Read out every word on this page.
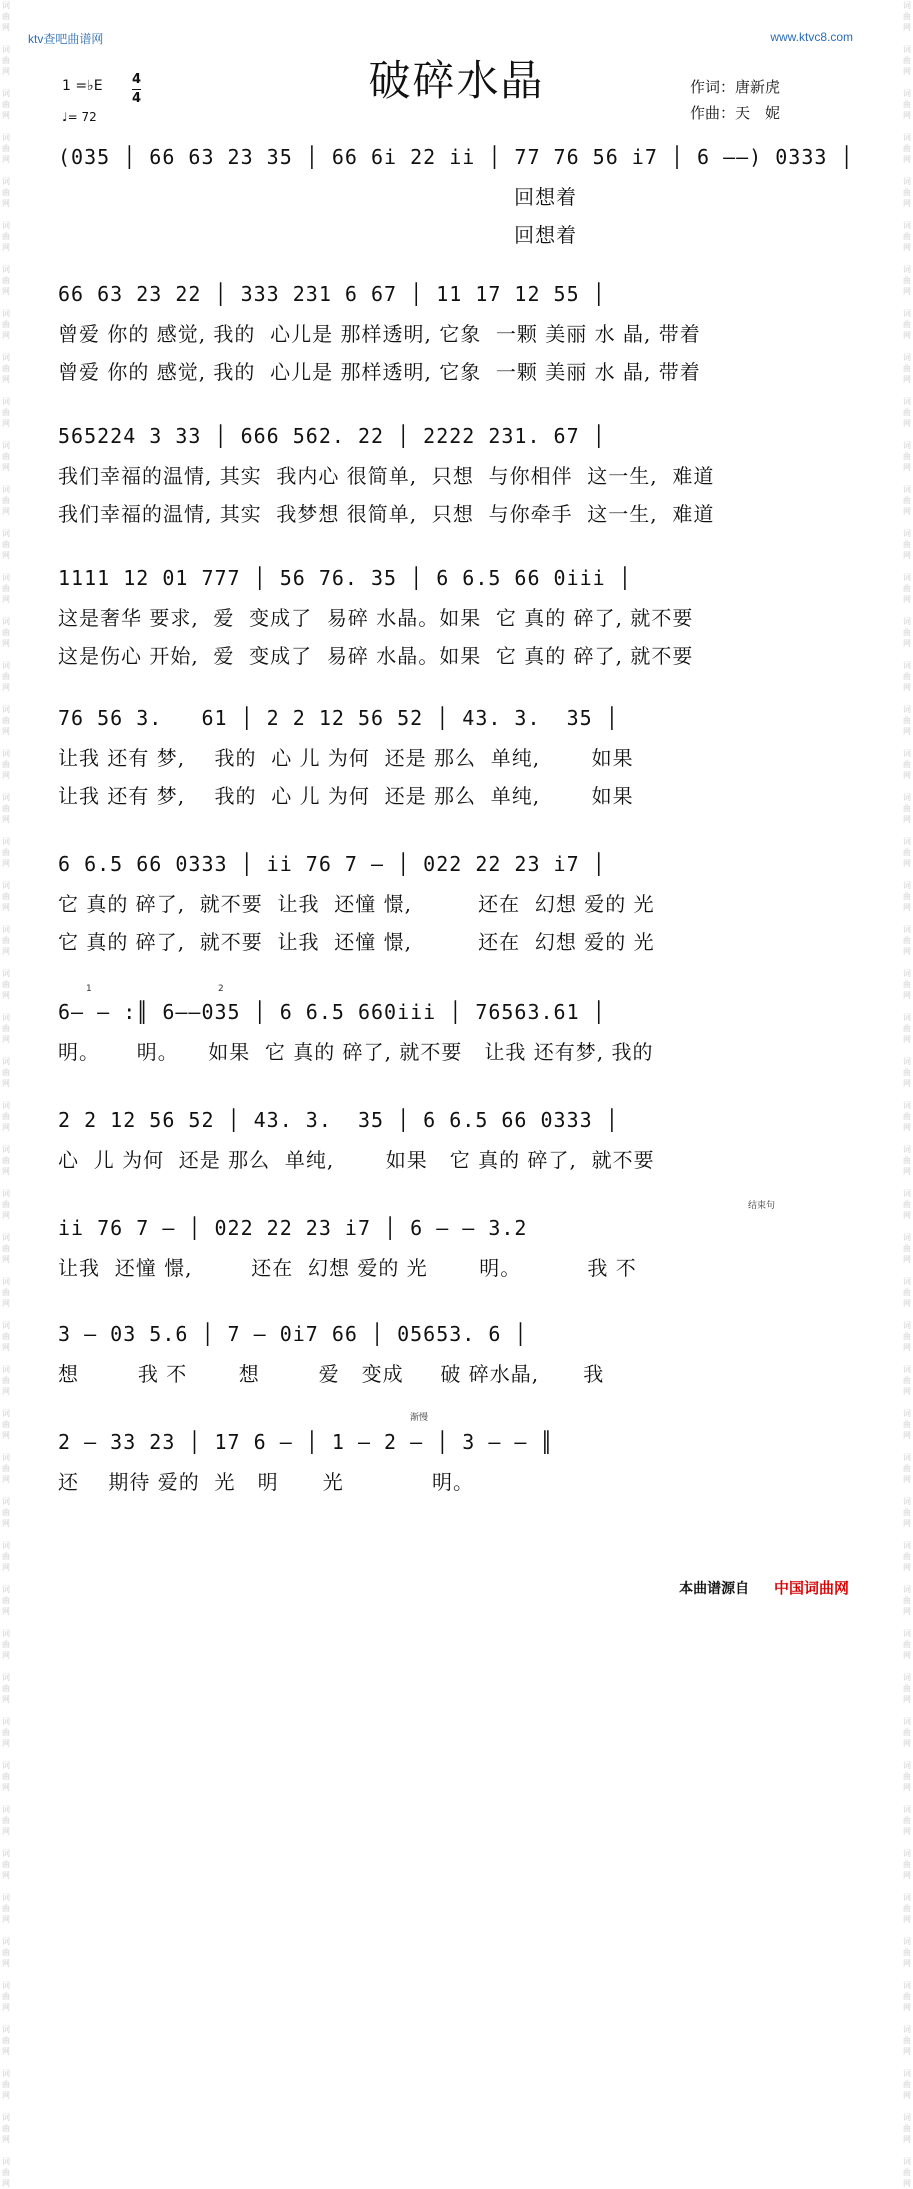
词
曲
网

词
曲
网

词
曲
网

词
曲
网

词
曲
网

词
曲
网

词
曲
网

词
曲
网

词
曲
网

词
曲
网

词
曲
网

词
曲
网

词
曲
网

词
曲
网

词
曲
网

词
曲
网

词
曲
网

词
曲
网

词
曲
网

词
曲
网

词
曲
网

词
曲
网

词
曲
网

词
曲
网

词
曲
网

词
曲
网

词
曲
网

词
曲
网

词
曲
网

词
曲
网

词
曲
网

词
曲
网

词
曲
网

词
曲
网

词
曲
网

词
曲
网

词
曲
网

词
曲
网

词
曲
网

词
曲
网

词
曲
网

词
曲
网

词
曲
网

词
曲
网

词
曲
网

词
曲
网

词
曲
网

词
曲
网

词
曲
网

词
曲
网

词
曲
网

词
曲
网

词
曲
网

词
曲
网

词
曲
网

词
曲
网

词
曲
网

词
曲
网

词
曲
网

词
曲
网

词
曲
网

词
曲
网

词
曲
网

词
曲
网

词
曲
网

词
曲
网

词
曲
网

词
曲
网

词
曲
网

词
曲
网

词
曲
网

词
曲
网

词
曲
网

词
曲
网

词
曲
网

词
曲
网

词
曲
网

词
曲
网

词
曲
网

词
曲
网

词
曲
网

词
曲
网

词
曲
网

词
曲
网

词
曲
网

词
曲
网

词
曲
网

词
曲
网

词
曲
网

词
曲
网

词
曲
网

词
曲
网

词
曲
网

词
曲
网

词
曲
网

词
曲
网

词
曲
网

词
曲
网

词
曲
网

词
曲
网

ktv查吧曲谱网	www.ktvc8.com
破碎水晶	作词：唐新虎
作曲：天　妮
1 =♭E 4
4
♩= 72
(035 │ 66 63 23 35 │ 66 6i 22 ii │ 77 76 56 i7 │ 6 ——) 0333 │
回想着
回想着
66 63 23 22 │ 333 231 6 67 │ 11 17 12 55 │
曾爱 你的 感觉, 我的  心儿是 那样透明, 它象  一颗 美丽 水 晶, 带着
曾爱 你的 感觉, 我的  心儿是 那样透明, 它象  一颗 美丽 水 晶, 带着
565224 3 33 │ 666 562. 22 │ 2222 231. 67 │
我们幸福的温情, 其实  我内心 很简单,  只想  与你相伴  这一生,  难道
我们幸福的温情, 其实  我梦想 很简单,  只想  与你牵手  这一生,  难道
1111 12 01 777 │ 56 76. 35 │ 6 6.5 66 0iii │
这是奢华 要求,  爱  变成了  易碎 水晶。如果  它 真的 碎了, 就不要
这是伤心 开始,  爱  变成了  易碎 水晶。如果  它 真的 碎了, 就不要
76 56 3.   61 │ 2 2 12 56 52 │ 43. 3.  35 │
让我 还有 梦,    我的  心 儿 为何  还是 那么  单纯,       如果
让我 还有 梦,    我的  心 儿 为何  还是 那么  单纯,       如果
6 6.5 66 0333 │ ii 76 7 — │ 022 22 23 i7 │
它 真的 碎了,  就不要  让我  还憧 憬,         还在  幻想 爱的 光
它 真的 碎了,  就不要  让我  还憧 憬,         还在  幻想 爱的 光
1	2
6— — :║ 6——035 │ 6 6.5 660iii │ 76563.61 │
明。     明。    如果  它 真的 碎了, 就不要   让我 还有梦, 我的
2 2 12 56 52 │ 43. 3.  35 │ 6 6.5 66 0333 │
心  儿 为何  还是 那么  单纯,       如果   它 真的 碎了,  就不要
结束句
ii 76 7 — │ 022 22 23 i7 │ 6 — — 3.2
让我  还憧 憬,        还在  幻想 爱的 光       明。         我 不
3 — 03 5.6 │ 7 — 0i7 66 │ 05653. 6 │
想        我 不       想        爱   变成     破 碎水晶,      我
渐慢
2 — 33 23 │ 17 6 — │ 1 — 2 — │ 3 — — ║
还    期待 爱的  光   明      光            明。
本曲谱源自 中国词曲网
